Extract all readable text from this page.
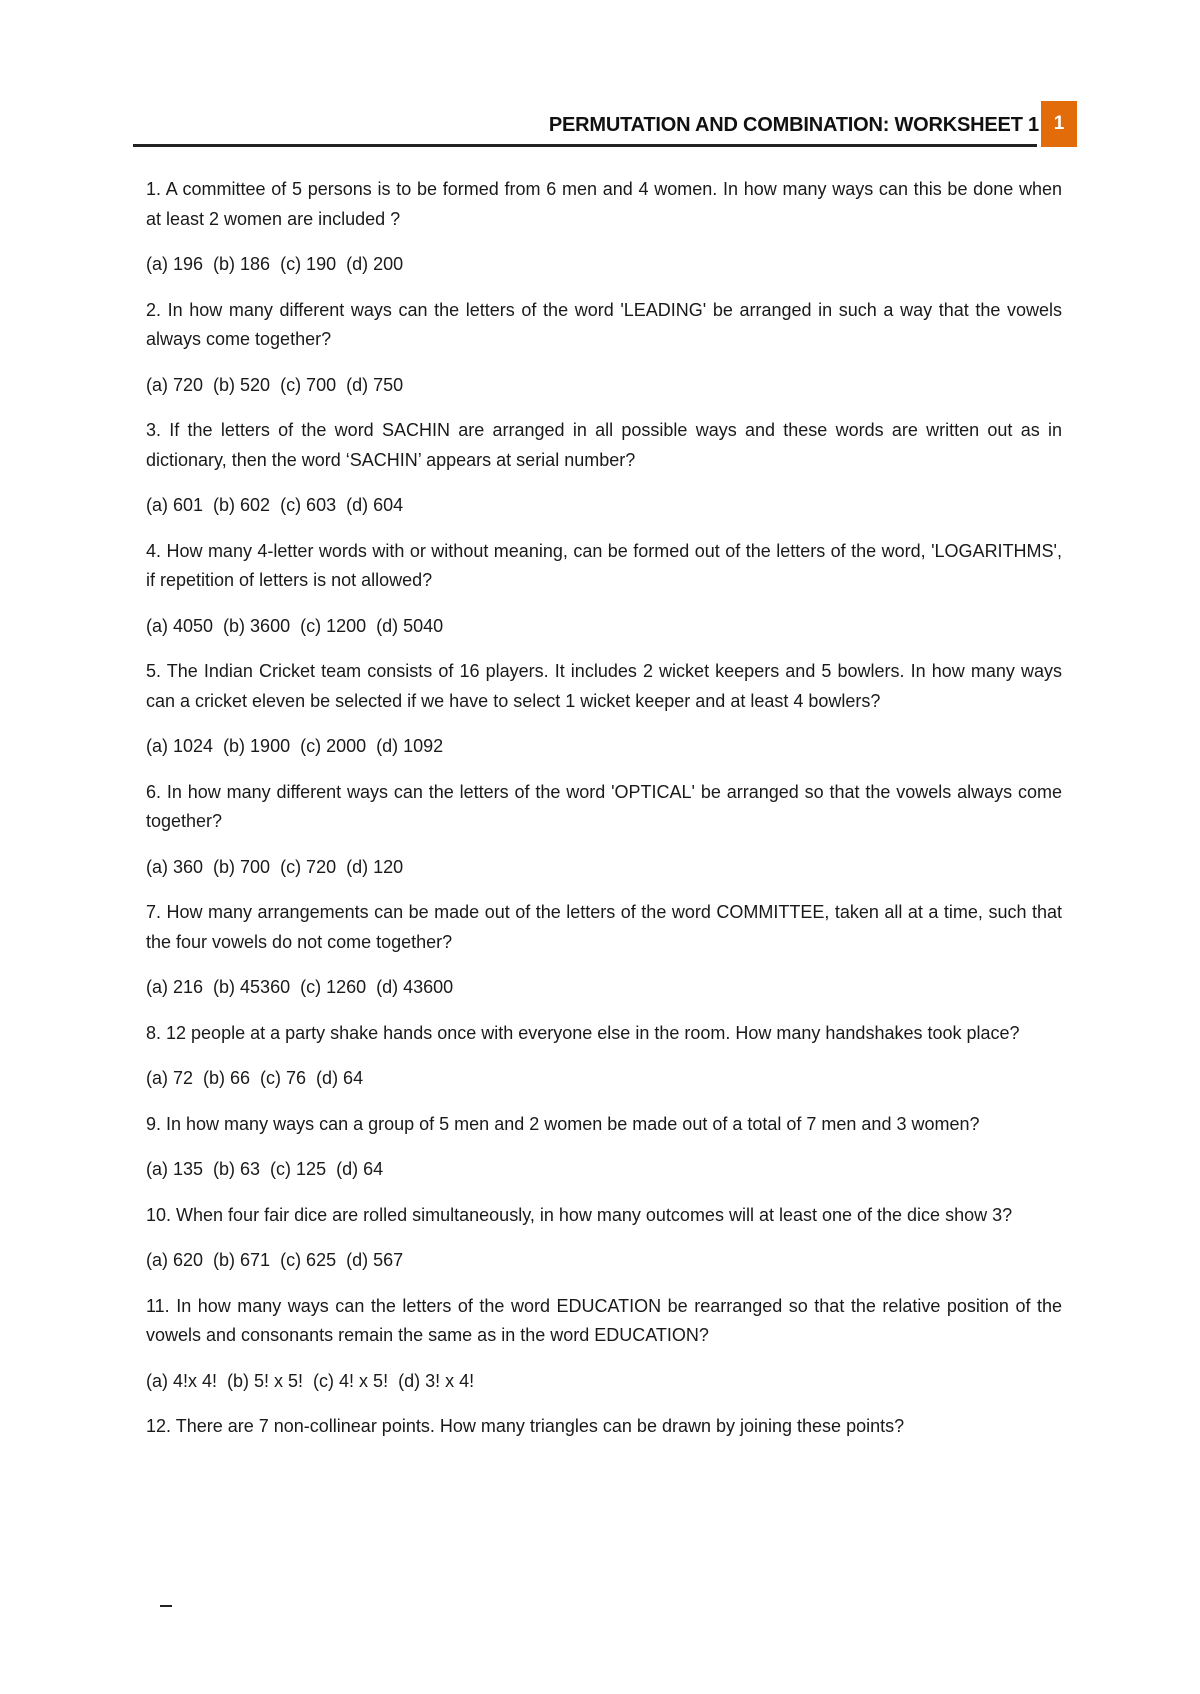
PERMUTATION AND COMBINATION: WORKSHEET 1 1

1. A committee of 5 persons is to be formed from 6 men and 4 women. In how many ways can this be done when at least 2 women are included ?

(a) 196  (b) 186  (c) 190  (d) 200

2. In how many different ways can the letters of the word 'LEADING' be arranged in such a way that the vowels always come together?

(a) 720  (b) 520  (c) 700  (d) 750

3. If the letters of the word SACHIN are arranged in all possible ways and these words are written out as in dictionary, then the word ‘SACHIN’ appears at serial number?

(a) 601  (b) 602  (c) 603  (d) 604

4. How many 4-letter words with or without meaning, can be formed out of the letters of the word, 'LOGARITHMS', if repetition of letters is not allowed?

(a) 4050  (b) 3600  (c) 1200  (d) 5040

5. The Indian Cricket team consists of 16 players. It includes 2 wicket keepers and 5 bowlers. In how many ways can a cricket eleven be selected if we have to select 1 wicket keeper and at least 4 bowlers?

(a) 1024  (b) 1900  (c) 2000  (d) 1092

6. In how many different ways can the letters of the word 'OPTICAL' be arranged so that the vowels always come together?

(a) 360  (b) 700  (c) 720  (d) 120

7. How many arrangements can be made out of the letters of the word COMMITTEE, taken all at a time, such that the four vowels do not come together?

(a) 216  (b) 45360  (c) 1260  (d) 43600

8. 12 people at a party shake hands once with everyone else in the room. How many handshakes took place?

(a) 72  (b) 66  (c) 76  (d) 64

9. In how many ways can a group of 5 men and 2 women be made out of a total of 7 men and 3 women?

(a) 135  (b) 63  (c) 125  (d) 64

10. When four fair dice are rolled simultaneously, in how many outcomes will at least one of the dice show 3?

(a) 620  (b) 671  (c) 625  (d) 567

11. In how many ways can the letters of the word EDUCATION be rearranged so that the relative position of the vowels and consonants remain the same as in the word EDUCATION?

(a) 4!x 4!  (b) 5! x 5!  (c) 4! x 5!  (d) 3! x 4!

12. There are 7 non-collinear points. How many triangles can be drawn by joining these points?
